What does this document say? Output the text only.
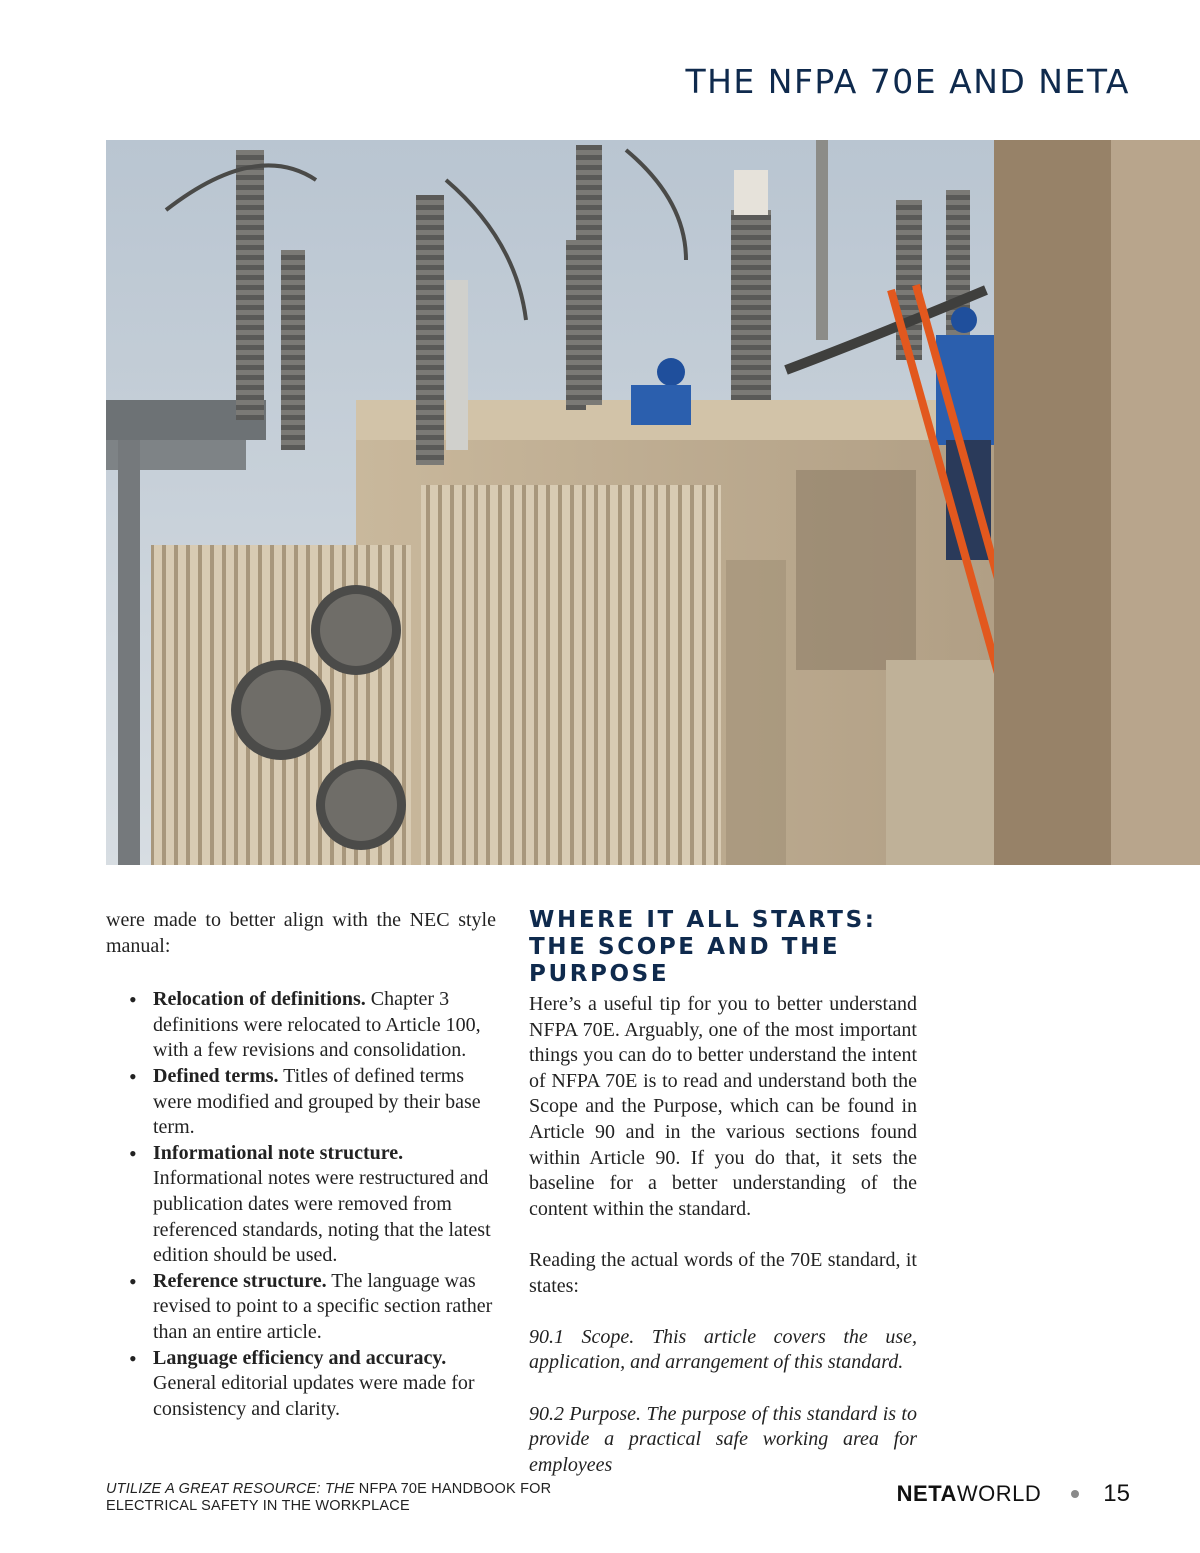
THE NFPA 70E AND NETA

were made to better align with the NEC style manual:

• Relocation of definitions. Chapter 3 definitions were relocated to Article 100, with a few revisions and consolidation.
• Defined terms. Titles of defined terms were modified and grouped by their base term.
• Informational note structure. Informational notes were restructured and publication dates were removed from referenced standards, noting that the latest edition should be used.
• Reference structure. The language was revised to point to a specific section rather than an entire article.
• Language efficiency and accuracy. General editorial updates were made for consistency and clarity.
WHERE IT ALL STARTS: THE SCOPE AND THE PURPOSE

Here’s a useful tip for you to better understand NFPA 70E. Arguably, one of the most important things you can do to better understand the intent of NFPA 70E is to read and understand both the Scope and the Purpose, which can be found in Article 90 and in the various sections found within Article 90. If you do that, it sets the baseline for a better understanding of the content within the standard.

Reading the actual words of the 70E standard, it states:

90.1 Scope. This article covers the use, application, and arrangement of this standard.

90.2 Purpose. The purpose of this standard is to provide a practical safe working area for employees

UTILIZE A GREAT RESOURCE: THE NFPA 70E HANDBOOK FOR ELECTRICAL SAFETY IN THE WORKPLACE	NETA WORLD	15
